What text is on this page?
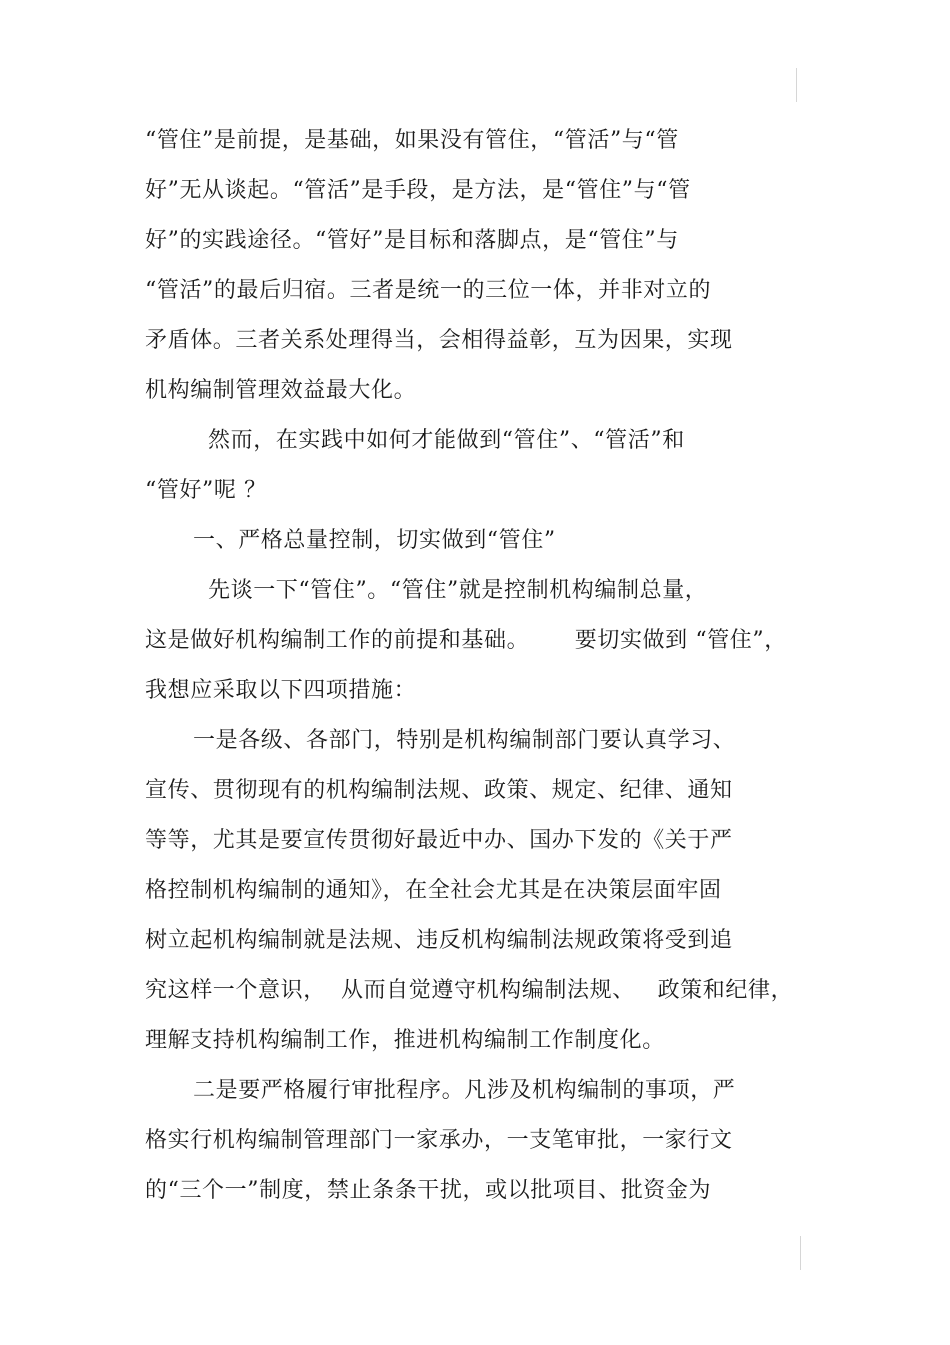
“管住”是前提，是基础，如果没有管住，“管活”与“管
好”无从谈起。“管活”是手段，是方法，是“管住”与“管
好”的实践途径。“管好”是目标和落脚点，是“管住”与
“管活”的最后归宿。三者是统一的三位一体，并非对立的
矛盾体。三者关系处理得当，会相得益彰，互为因果，实现
机构编制管理效益最大化。
然而，在实践中如何才能做到“管住”、“管活”和
“管好”呢 ？
一、严格总量控制，切实做到“管住”
先谈一下“管住”。“管住”就是控制机构编制总量，
这是做好机构编制工作的前提和基础。      要切实做到 “管住”，
我想应采取以下四项措施：
一是各级、各部门，特别是机构编制部门要认真学习、
宣传、贯彻现有的机构编制法规、政策、规定、纪律、通知
等等，尤其是要宣传贯彻好最近中办、国办下发的《关于严
格控制机构编制的通知》，在全社会尤其是在决策层面牢固
树立起机构编制就是法规、违反机构编制法规政策将受到追
究这样一个意识，  从而自觉遵守机构编制法规、   政策和纪律，
理解支持机构编制工作，推进机构编制工作制度化。
二是要严格履行审批程序。凡涉及机构编制的事项，严
格实行机构编制管理部门一家承办，一支笔审批，一家行文
的“三个一”制度，禁止条条干扰，或以批项目、批资金为
